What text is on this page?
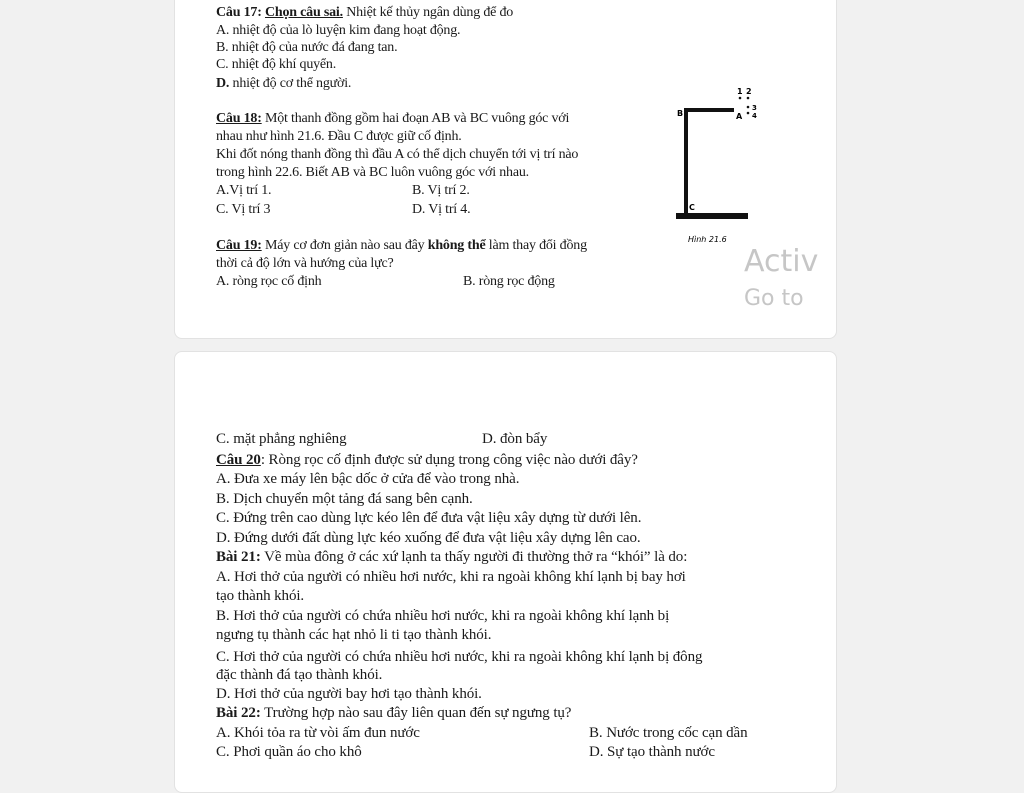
Câu 17: Chọn câu sai. Nhiệt kế thủy ngân dùng để đo
A. nhiệt độ của lò luyện kim đang hoạt động.
B. nhiệt độ của nước đá đang tan.
C. nhiệt độ khí quyển.
D. nhiệt độ cơ thể người.
Câu 18: Một thanh đồng gồm hai đoạn AB và BC vuông góc với
nhau như hình 21.6. Đầu C được giữ cố định.
Khi đốt nóng thanh đồng thì đầu A có thể dịch chuyển tới vị trí nào
trong hình 22.6. Biết AB và BC luôn vuông góc với nhau.
A.Vị trí 1.	B. Vị trí 2.
C. Vị trí 3	D. Vị trí 4.
B	A
C
1 2
3
4
Hình 21.6
Câu 19: Máy cơ đơn giản nào sau đây không thể làm thay đổi đồng
thời cả độ lớn và hướng của lực?
A. ròng rọc cố định	B. ròng rọc động
Activ
Go to
C. mặt phẳng nghiêng	D. đòn bẩy
Câu 20: Ròng rọc cố định được sử dụng trong công việc nào dưới đây?
A. Đưa xe máy lên bậc dốc ở cửa để vào trong nhà.
B. Dịch chuyển một tảng đá sang bên cạnh.
C. Đứng trên cao dùng lực kéo lên để đưa vật liệu xây dựng từ dưới lên.
D. Đứng dưới đất dùng lực kéo xuống để đưa vật liệu xây dựng lên cao.
Bài 21: Về mùa đông ở các xứ lạnh ta thấy người đi thường thở ra “khói” là do:
A. Hơi thở của người có nhiều hơi nước, khi ra ngoài không khí lạnh bị bay hơi
tạo thành khói.
B. Hơi thở của người có chứa nhiều hơi nước, khi ra ngoài không khí lạnh bị
ngưng tụ thành các hạt nhỏ li ti tạo thành khói.
C. Hơi thở của người có chứa nhiều hơi nước, khi ra ngoài không khí lạnh bị đông
đặc thành đá tạo thành khói.
D. Hơi thở của người bay hơi tạo thành khói.
Bài 22: Trường hợp nào sau đây liên quan đến sự ngưng tụ?
A. Khói tỏa ra từ vòi ấm đun nước	B. Nước trong cốc cạn dần
C. Phơi quần áo cho khô	D. Sự tạo thành nước
